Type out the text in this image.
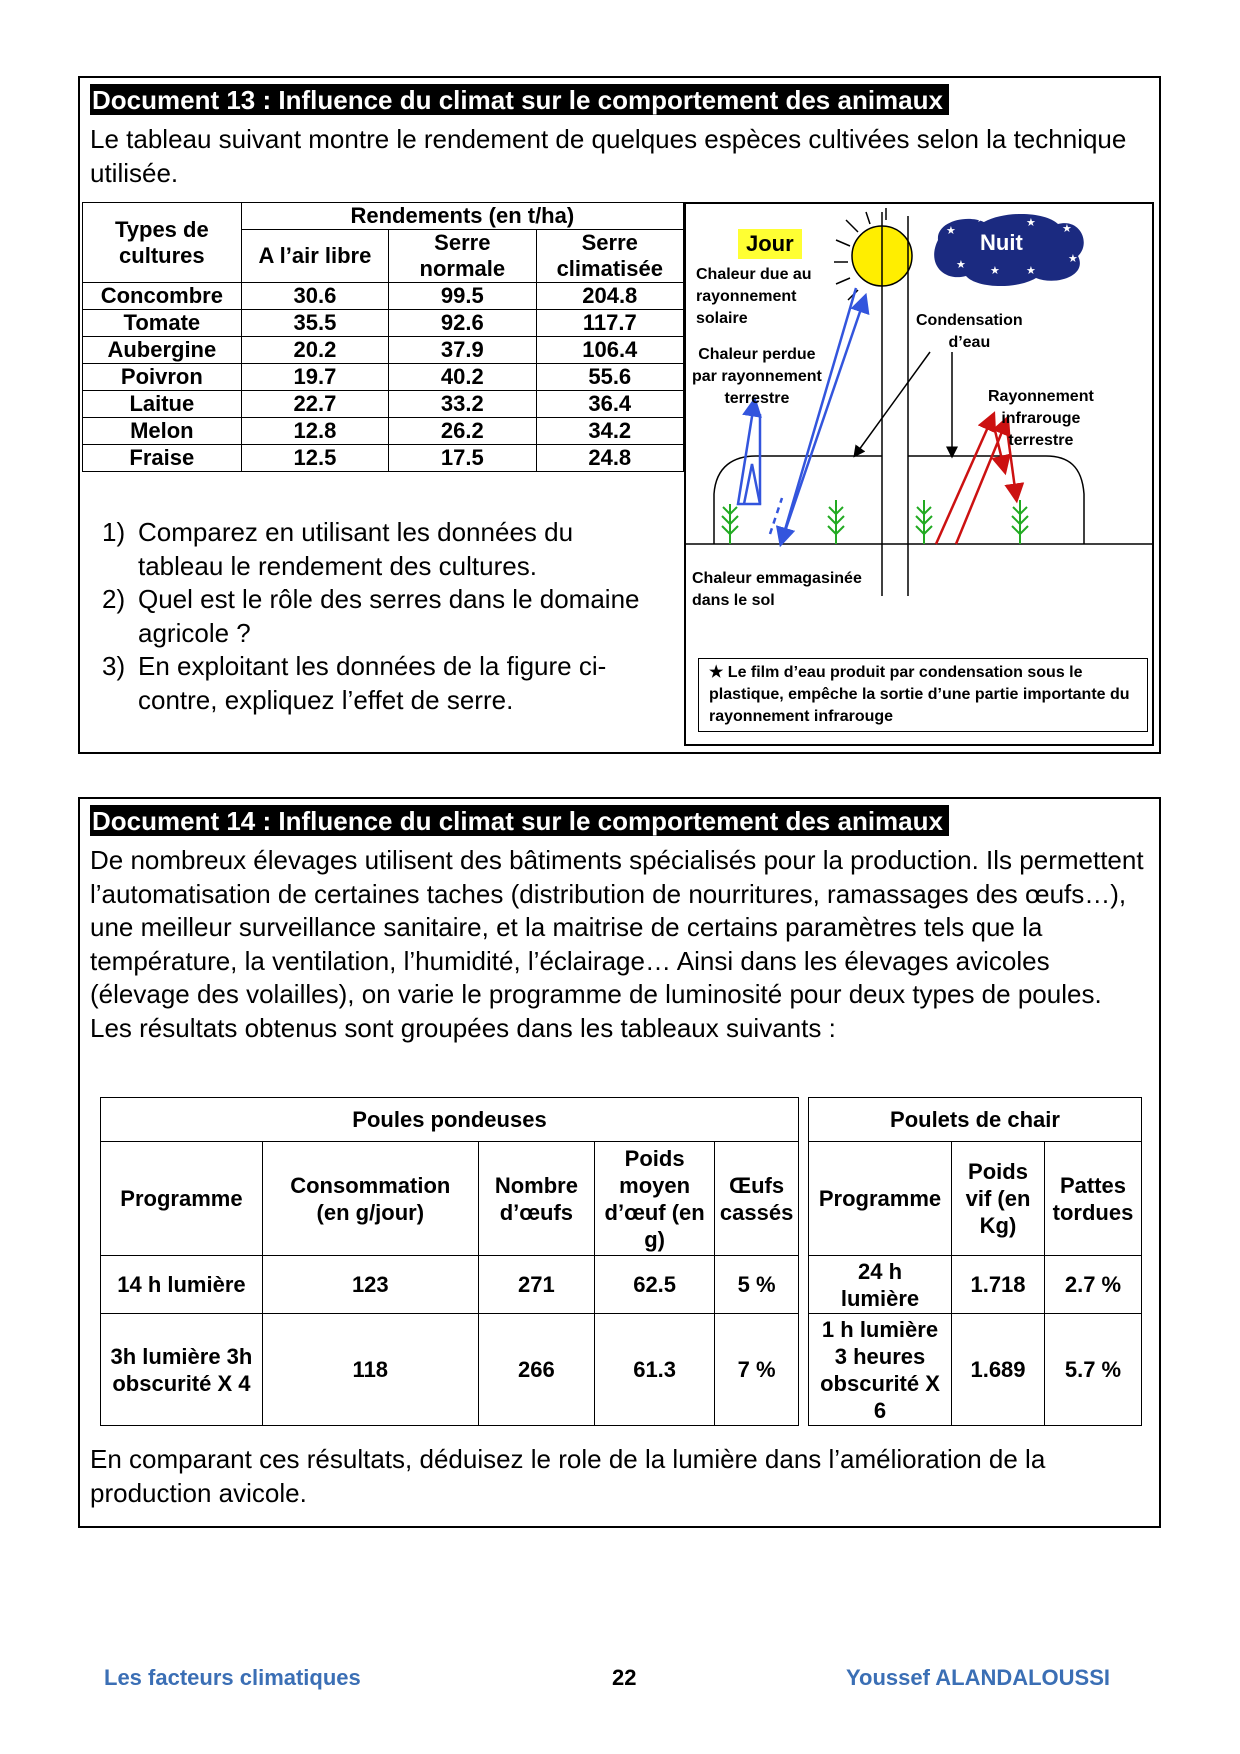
Document 13 : Influence du climat sur le comportement des animaux
Le tableau suivant montre le rendement de quelques espèces cultivées selon la technique utilisée.
Types de cultures	Rendements (en t/ha)		
	A l’air libre	Serre normale	Serre climatisée
Concombre	30.6	99.5	204.8
Tomate	35.5	92.6	117.7
Aubergine	20.2	37.9	106.4
Poivron	19.7	40.2	55.6
Laitue	22.7	33.2	36.4
Melon	12.8	26.2	34.2
Fraise	12.5	17.5	24.8
1) Comparez en utilisant les données du tableau le rendement des cultures.
2) Quel est le rôle des serres dans le domaine agricole ?
3) En exploitant les données de la figure ci-contre, expliquez l’effet de serre.
★
★	★ ★
★
★	★
★
Jour	Nuit
Chaleur due au
rayonnement
solaire
Chaleur perdue
par rayonnement
terrestre
Condensation
d’eau
Rayonnement
infrarouge
terrestre
Chaleur emmagasinée
dans le sol
★ Le film d’eau produit par condensation sous le plastique, empêche la sortie d’une partie importante du rayonnement infrarouge
Document 14 : Influence du climat sur le comportement des animaux
De nombreux élevages utilisent des bâtiments spécialisés pour la production. Ils permettent l’automatisation de certaines taches (distribution de nourritures, ramassages des œufs…), une meilleur surveillance sanitaire, et la maitrise de certains paramètres tels que la température, la ventilation, l’humidité, l’éclairage… Ainsi dans les élevages avicoles (élevage des volailles), on varie le programme de luminosité pour deux types de poules. Les résultats obtenus sont groupées dans les tableaux suivants :
Poules pondeuses				
Programme	Consommation (en g/jour)	Nombre d’œufs	Poids moyen d’œuf (en g)	Œufs cassés
14 h lumière	123	271	62.5	5 %
3h lumière 3h obscurité X 4	118	266	61.3	7 %
Poulets de chair		
Programme	Poids vif (en Kg)	Pattes tordues
24 h lumière	1.718	2.7 %
1 h lumière 3 heures obscurité X 6	1.689	5.7 %
En comparant ces résultats, déduisez le role de la lumière dans l’amélioration de la production avicole.
Les facteurs climatiques	22	Youssef ALANDALOUSSI
